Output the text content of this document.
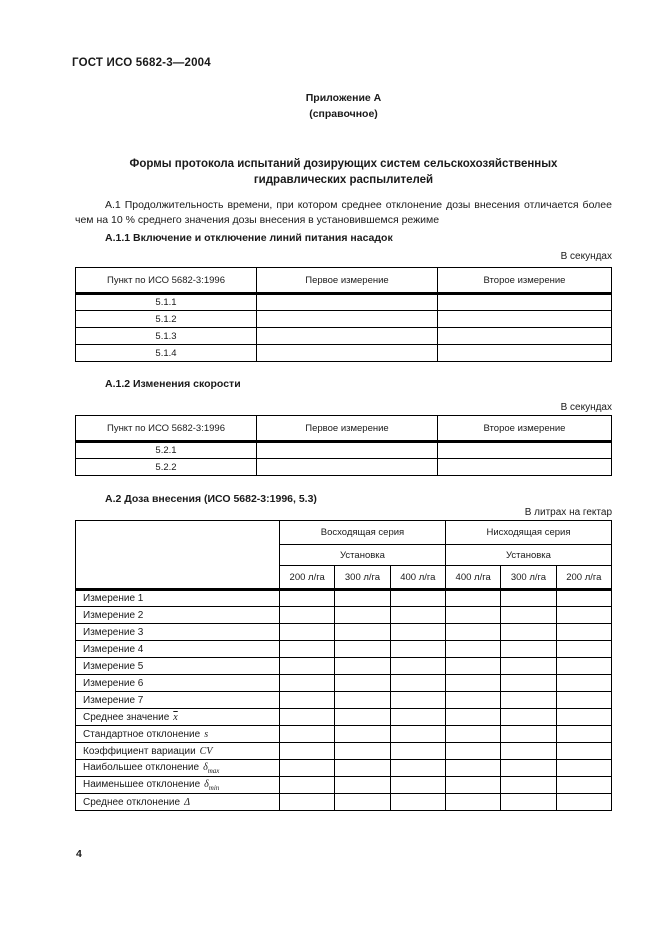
ГОСТ ИСО 5682-3—2004
Приложение А
(справочное)
Формы протокола испытаний дозирующих систем сельскохозяйственных гидравлических распылителей
А.1 Продолжительность времени, при котором среднее отклонение дозы внесения отличается более чем на 10 % среднего значения дозы внесения в установившемся режиме
А.1.1 Включение и отключение линий питания насадок
В секундах
Пункт по ИСО 5682-3:1996	Первое измерение	Второе измерение
5.1.1		
5.1.2		
5.1.3		
5.1.4		
А.1.2 Изменения скорости
В секундах
Пункт по ИСО 5682-3:1996	Первое измерение	Второе измерение
5.2.1		
5.2.2		
А.2 Доза внесения (ИСО 5682-3:1996, 5.3)
В литрах на гектар
	Восходящая серия			Нисходящая серия		
	Установка			Установка		
	200 л/га	300 л/га	400 л/га	400 л/га	300 л/га	200 л/га
Измерение 1						
Измерение 2						
Измерение 3						
Измерение 4						
Измерение 5						
Измерение 6						
Измерение 7						
Среднее значение $\overline{x}$						
Стандартное отклонение s						
Коэффициент вариации CV						
Наибольшее отклонение $\delta_{max}$						
Наименьшее отклонение $\delta_{min}$						
Среднее отклонение Δ						
4
